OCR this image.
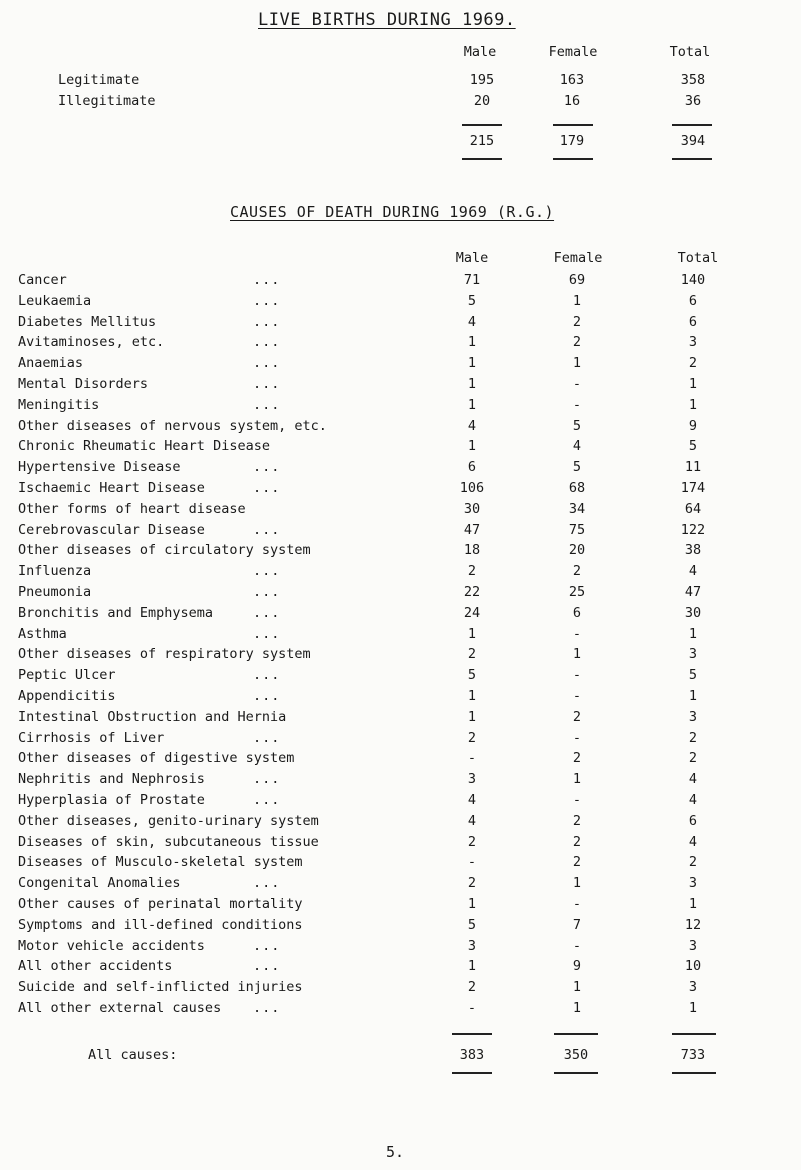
LIVE BIRTHS DURING 1969.
Male	Female	Total
Legitimate	195	163	358
Illegitimate	20	16	36
215	179	394
CAUSES OF DEATH DURING 1969 (R.G.)
Male	Female	Total
Cancer	...	71	69	140
Leukaemia	...	5	1	6
Diabetes Mellitus	...	4	2	6
Avitaminoses, etc.	...	1	2	3
Anaemias	...	1	1	2
Mental Disorders	...	1	-	1
Meningitis	...	1	-	1
Other diseases of nervous system, etc.	4	5	9
Chronic Rheumatic Heart Disease	1	4	5
Hypertensive Disease	...	6	5	11
Ischaemic Heart Disease	...	106	68	174
Other forms of heart disease	30	34	64
Cerebrovascular Disease	...	47	75	122
Other diseases of circulatory system	18	20	38
Influenza	...	2	2	4
Pneumonia	...	22	25	47
Bronchitis and Emphysema	...	24	6	30
Asthma	...	1	-	1
Other diseases of respiratory system	2	1	3
Peptic Ulcer	...	5	-	5
Appendicitis	...	1	-	1
Intestinal Obstruction and Hernia	1	2	3
Cirrhosis of Liver	...	2	-	2
Other diseases of digestive system	-	2	2
Nephritis and Nephrosis	...	3	1	4
Hyperplasia of Prostate	...	4	-	4
Other diseases, genito-urinary system	4	2	6
Diseases of skin, subcutaneous tissue	2	2	4
Diseases of Musculo-skeletal system	-	2	2
Congenital Anomalies	...	2	1	3
Other causes of perinatal mortality	1	-	1
Symptoms and ill-defined conditions	5	7	12
Motor vehicle accidents	...	3	-	3
All other accidents	...	1	9	10
Suicide and self-inflicted injuries	2	1	3
All other external causes ...	-	1	1
All causes:	383	350	733
5.
